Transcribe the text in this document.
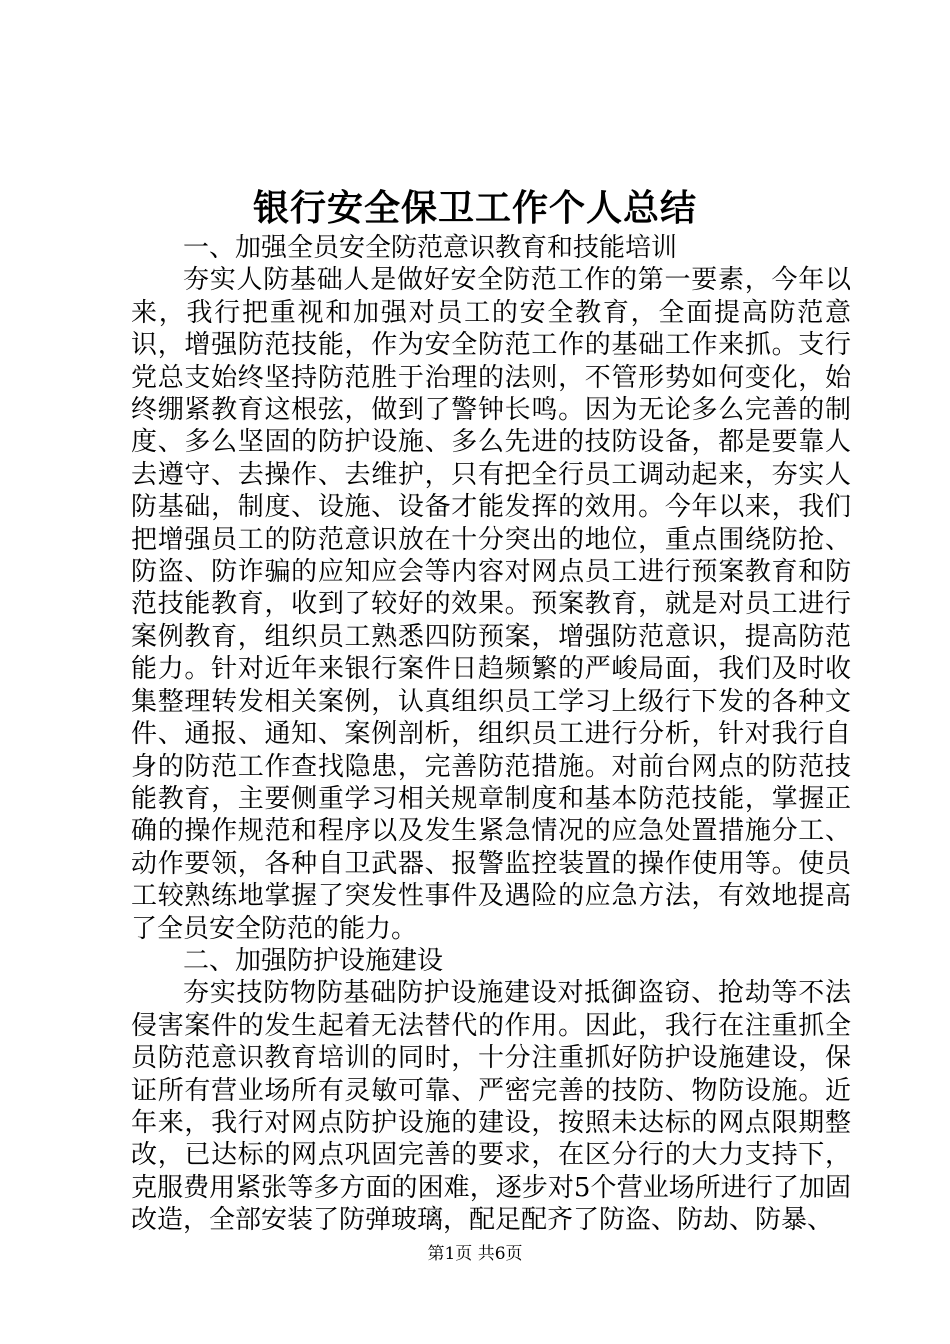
银行安全保卫工作个人总结

一、加强全员安全防范意识教育和技能培训

夯实人防基础人是做好安全防范工作的第一要素，今年以来，我行把重视和加强对员工的安全教育，全面提高防范意识，增强防范技能，作为安全防范工作的基础工作来抓。支行党总支始终坚持防范胜于治理的法则，不管形势如何变化，始终绷紧教育这根弦，做到了警钟长鸣。因为无论多么完善的制度、多么坚固的防护设施、多么先进的技防设备，都是要靠人去遵守、去操作、去维护，只有把全行员工调动起来，夯实人防基础，制度、设施、设备才能发挥的效用。今年以来，我们把增强员工的防范意识放在十分突出的地位，重点围绕防抢、防盗、防诈骗的应知应会等内容对网点员工进行预案教育和防范技能教育，收到了较好的效果。预案教育，就是对员工进行案例教育，组织员工熟悉四防预案，增强防范意识，提高防范能力。针对近年来银行案件日趋频繁的严峻局面，我们及时收集整理转发相关案例，认真组织员工学习上级行下发的各种文件、通报、通知、案例剖析，组织员工进行分析，针对我行自身的防范工作查找隐患，完善防范措施。对前台网点的防范技能教育，主要侧重学习相关规章制度和基本防范技能，掌握正确的操作规范和程序以及发生紧急情况的应急处置措施分工、动作要领，各种自卫武器、报警监控装置的操作使用等。使员工较熟练地掌握了突发性事件及遇险的应急方法，有效地提高了全员安全防范的能力。

二、加强防护设施建设

夯实技防物防基础防护设施建设对抵御盗窃、抢劫等不法侵害案件的发生起着无法替代的作用。因此，我行在注重抓全员防范意识教育培训的同时，十分注重抓好防护设施建设，保证所有营业场所有灵敏可靠、严密完善的技防、物防设施。近年来，我行对网点防护设施的建设，按照未达标的网点限期整改，已达标的网点巩固完善的要求，在区分行的大力支持下，克服费用紧张等多方面的困难，逐步对5个营业场所进行了加固改造，全部安装了防弹玻璃，配足配齐了防盗、防劫、防暴、

第1页 共6页
